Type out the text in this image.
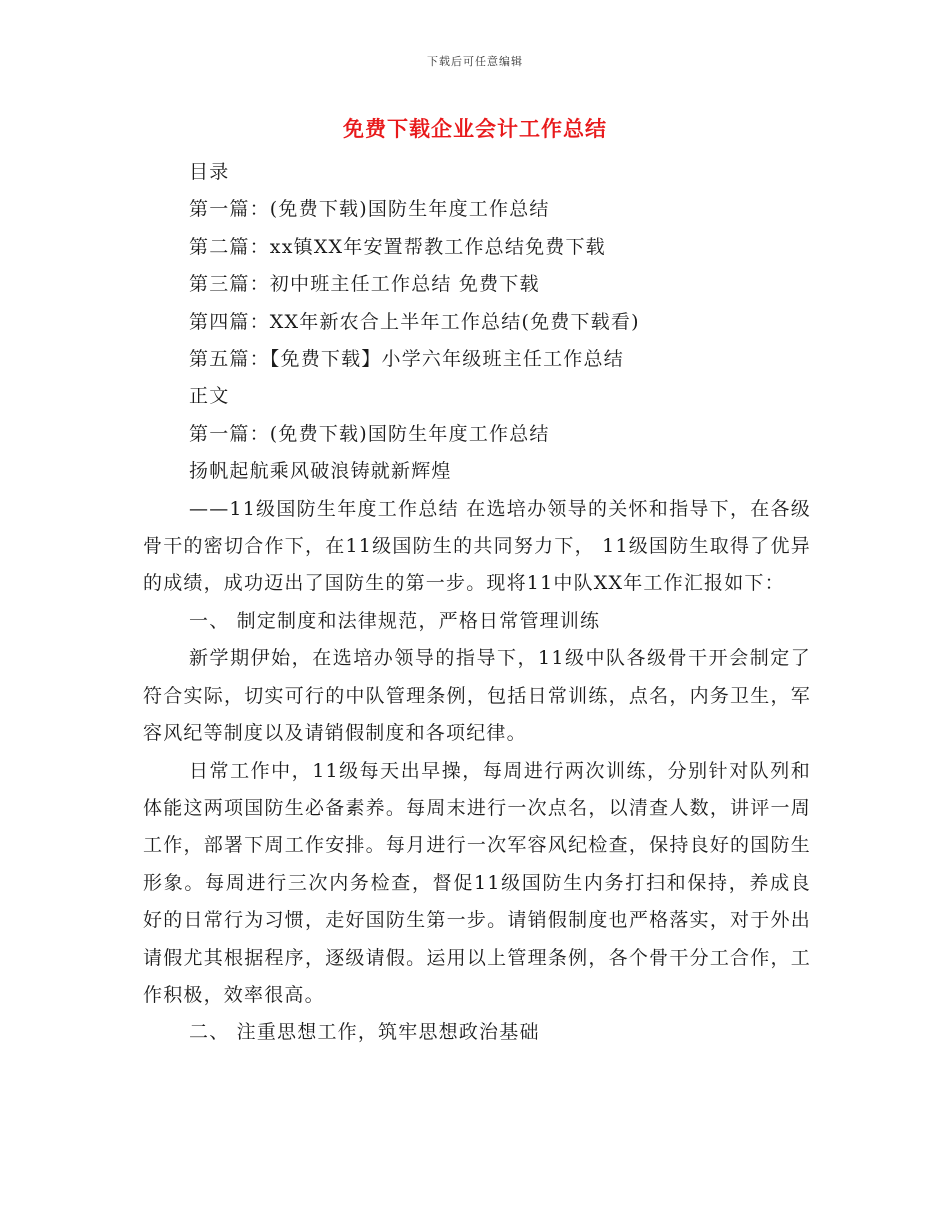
下载后可任意编辑
免费下载企业会计工作总结
目录
第一篇：(免费下载)国防生年度工作总结
第二篇：xx镇XX年安置帮教工作总结免费下载
第三篇：初中班主任工作总结 免费下载
第四篇：XX年新农合上半年工作总结(免费下载看)
第五篇：【免费下载】小学六年级班主任工作总结
正文
第一篇：(免费下载)国防生年度工作总结
扬帆起航乘风破浪铸就新辉煌

——11级国防生年度工作总结 在选培办领导的关怀和指导下，在各级骨干的密切合作下，在11级国防生的共同努力下， 11级国防生取得了优异的成绩，成功迈出了国防生的第一步。现将11中队XX年工作汇报如下：

一、 制定制度和法律规范，严格日常管理训练

新学期伊始，在选培办领导的指导下，11级中队各级骨干开会制定了符合实际，切实可行的中队管理条例，包括日常训练，点名，内务卫生，军容风纪等制度以及请销假制度和各项纪律。

日常工作中，11级每天出早操，每周进行两次训练，分别针对队列和体能这两项国防生必备素养。每周末进行一次点名，以清查人数，讲评一周工作，部署下周工作安排。每月进行一次军容风纪检查，保持良好的国防生形象。每周进行三次内务检查，督促11级国防生内务打扫和保持，养成良好的日常行为习惯，走好国防生第一步。请销假制度也严格落实，对于外出请假尤其根据程序，逐级请假。运用以上管理条例，各个骨干分工合作，工作积极，效率很高。

二、 注重思想工作，筑牢思想政治基础
